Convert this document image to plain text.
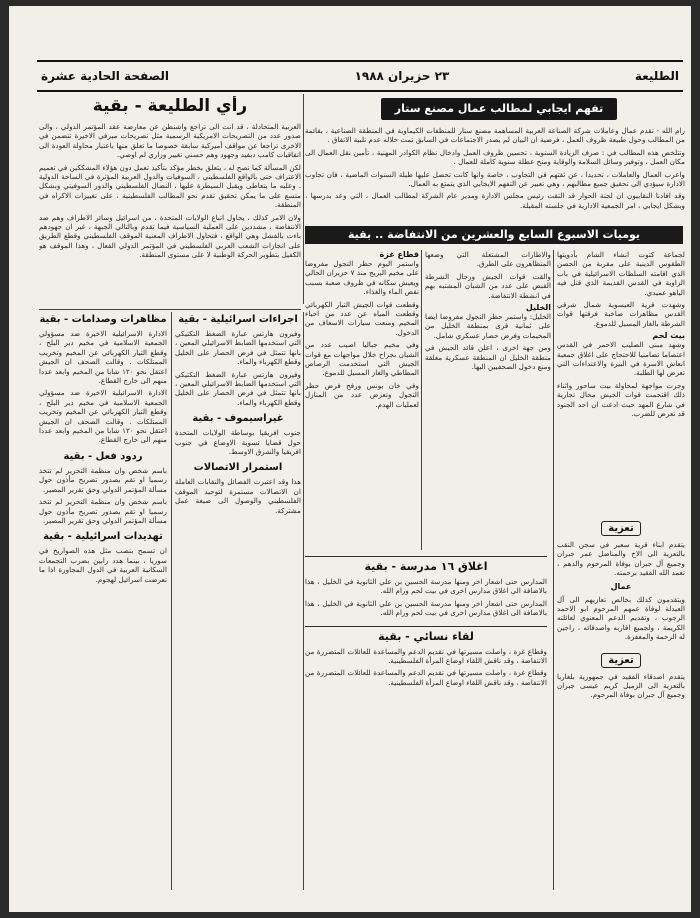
الطليعة
٢٣ حزيران ١٩٨٨
الصفحة الحادية عشرة
رأي الطليعة - بقية

العربية المتحادلة ، قد انت الى تراجع واشنطن عن معارضة عقد المؤتمر الدولي ، والى صدور عدد من التصريحات الامريكية الرسمية مثل تصريحات ميرفي الاخيرة تتضمن في الاخرى تراجعا عن مواقف أميركية سابقة خصوصا ما تعلق منها باعتبار محاولة العودة الى اتفاقيات كامب ديفيد وجهود وهم حسني تغيير وزاري لم اوصي.

لكن المسألة كما نصح له ، يتعلق بخطر مؤكد بتأكيد تعمل دون هؤلاء المشككين في تعميم الاعتراف حتى بالواقع الفلسطيني ، السوفيات والدول العربية المؤثرة في الساحة الدولية . وعليه ما يتعاطى ويقبل السيطرة عليها ، النضال الفلسطيني والدور السوفيتي وبشكل متسع على ما يمكن تحقيق تقدم نحو المطالب الفلسطينية ، على تغييرات الاكراه في المنطقة.

ولان الامر كذلك ، يحاول اتباع الولايات المتحدة ، من اسرائيل وسائر الاطراف وهم ضد الانتفاضة ، مشددين على العملية السياسية فيما تقدم وبالتالي الجبهة ، غير ان جهودهم باءت بالفشل وهي الواقع ، فتحاول الاطراف المعنية الموقف الفلسطيني وقطع الطريق على انجازات الشعب العربي الفلسطيني في المؤتمر الدولي الفعال ، وهذا الموقف هو الكفيل بتطوير الحركة الوطنية لا على مستوى المنطقة.

تفهم ايجابي لمطالب عمال مصنع ستار

رام الله - تقدم عمال وعاملات شركة الصناعة العربية المساهمة مصنع ستار للمنظفات الكيماوية في المنطقة الصناعية ، بقائمة من المطالب وحول طبيعة ظروف العمل ، فرضية ان البيان لم يصدر الاجتماعات في السابق تمت خلاله عدم تلبية الاتفاق .

وتتلخص هذه المطالب في : صرف الزيادة السنوية ، تحسين ظروف العمل وادخال نظام الكوادر المهنية ، تأمين نقل العمال الى مكان العمل ، وتوفير وسائل السلامة والوقاية ومنح عطلة سنوية كاملة للعمال .

واعرب العمال والعاملات ، تحديدا ، عن ثقتهم في التجاوب ، خاصة وانها كانت تحصل عليها طيلة السنوات الماضية ، فان تجاوب الادارة سيؤدي الى تحقيق جميع مطالبهم ، وهي تعبير عن التفهم الايجابي الذي يتمتع به العمال.

وقد افادنا النقابيون ان لجنة الحوار قد التقت رئيس مجلس الادارة ومدير عام الشركة لمطالب العمال ، التي وعد بدرسها ، وبشكل ايجابي ، امر الجمعية الادارية في جلسته المقبلة.

يوميات الاسبوع السابع والعشرين من الانتفاضة .. بقية

لجماعة كتوت انشاء الشام بأدويتها الطقوس الدينية على مقربة من الحصن الذي اقامته السلطات الاسرائيلية في باب الزاوية في القدس القديمة الذي قتل فيه الياهو عميدي.

وشهدت قرية العيسوية شمال شرقي القدس مظاهرات صاخبة فرقتها قوات الشرطة بالغاز المسيل للدموع.

بيت لحم

وشهد مبنى الصليب الاحمر في القدس اعتصاما تضامنيا للاحتجاج على اغلاق جمعية انعاش الاسرة في البيرة والاعتداءات التي تعرض لها الطلبة.

وجرت مواجهة لمحاولة بيت ساحور واثناء ذلك اقتحمت قوات الجيش محال تجارية في شارع المهد حيث ادعت ان احد الجنود قد تعرض للضرب.

والاطارات المشتعلة التي وضعها المتظاهرون على الطرق.

والقت قوات الجيش ورجال الشرطة القبض على عدد من الشبان المشتبه بهم في انشطة الانتفاضة.

الخليل

الخليل: واستمر حظر التجول مفروضا ايضا على ثمانية قرى بمنطقة الخليل من المخيمات وفرض حصار عسكري شامل.

ومن جهة اخرى ، اعلن قائد الجيش في منطقة الخليل ان المنطقة عسكرية مغلقة ومنع دخول الصحفيين اليها.

قطاع غزة

واستمر اليوم حظر التجول مفروضا على مخيم البريج منذ ٧ حزيران الحالي ويعيش سكانه في ظروف صعبة بسبب نقص الماء والغذاء.

وقطعت قوات الجيش التيار الكهربائي وقطعت المياه عن عدد من احياء المخيم ومنعت سيارات الاسعاف من الدخول.

وفي مخيم جباليا اصيب عدد من الشبان بجراح خلال مواجهات مع قوات الجيش التي استخدمت الرصاص المطاطي والغاز المسيل للدموع.

وفي خان يونس ورفح فرض حظر التجول وتعرض عدد من المنازل لعمليات الهدم.

تعزية

يتقدم ابناء قرية سعير في سجن النقب بالتعزية الى الاخ والمناضل عمر جبران وجميع آل جبران بوفاة المرحوم والدهم ، تغمد الله الفقيد برحمته.

عمال

ويتقدمون كذلك بخالص تعازيهم الى آل العيدلة لوفاة عمهم المرحوم ابو الاحمد الرجوب ، وتقديم الدعم المعنوي لعائلته الكريمة ، ولجميع اقاربه واصدقائه ، راجين له الرحمة والمغفرة.

تعزية

يتقدم اصدقاء الفقيد في جمهورية بلغاريا بالتعزية الى الزميل كريم عيسى جبران وجميع آل جبران بوفاة المرحوم.

مظاهرات وصدامات - بقية

الادارة الاسرائيلية الاخيرة ضد مسؤولي الجمعية الاسلامية في مخيم دير البلح ، وقطع التيار الكهربائي عن المخيم وتخريب الممتلكات . وقالت الصحف ان الجيش اعتقل نحو ١٢٠ شابا من المخيم وابعد عددا منهم الى خارج القطاع.

الادارة الاسرائيلية الاخيرة ضد مسؤولي الجمعية الاسلامية في مخيم دير البلح ، وقطع التيار الكهربائي عن المخيم وتخريب الممتلكات . وقالت الصحف ان الجيش اعتقل نحو ١٢٠ شابا من المخيم وابعد عددا منهم الى خارج القطاع.

ردود فعل - بقية

باسم شخص وان منظمة التحرير لم تتخذ رسميا او تقم بصدور تصريح مأذون حول مسألة المؤتمر الدولي وحق تقرير المصير.

باسم شخص وان منظمة التحرير لم تتخذ رسميا او تقم بصدور تصريح مأذون حول مسألة المؤتمر الدولي وحق تقرير المصير.

تهديدات اسرائيلية - بقية

ان تسمح بنصب مثل هذه الصواريخ في سوريا ، بينما هدد رابين بضرب التجمعات السكانية العربية في الدول المجاورة اذا ما تعرضت اسرائيل لهجوم.

اجراءات اسرائيلية - بقية

وفيرون هارتس عبارة الضغط التكتيكي التي استخدمها الضابط الاسرائيلي المعين ، بانها تتمثل في فرض الحصار على الخليل وقطع الكهرباء والماء.

وفيرون هارتس عبارة الضغط التكتيكي التي استخدمها الضابط الاسرائيلي المعين ، بانها تتمثل في فرض الحصار على الخليل وقطع الكهرباء والماء.

غيراسيموف - بقية

جنوب افريقيا بوساطة الولايات المتحدة حول قضايا تسوية الاوضاع في جنوب افريقيا والشرق الاوسط.

استمرار الاتصالات

هذا وقد اعتبرت الفصائل والنقابات العاملة ان الاتصالات مستمرة لتوحيد الموقف الفلسطيني والوصول الى صيغة عمل مشتركة.

اغلاق ١٦ مدرسة - بقية

المدارس حتى اشعار اخر ومنها مدرسة الحسين بن علي الثانوية في الخليل ، هذا بالاضافة الى اغلاق مدارس اخرى في بيت لحم ورام الله.

المدارس حتى اشعار اخر ومنها مدرسة الحسين بن علي الثانوية في الخليل ، هذا بالاضافة الى اغلاق مدارس اخرى في بيت لحم ورام الله.

لقاء نسائي - بقية

وقطاع غزة ، واصلت مسيرتها في تقديم الدعم والمساعدة للعائلات المتضررة من الانتفاضة ، وقد ناقش اللقاء اوضاع المرأة الفلسطينية.

وقطاع غزة ، واصلت مسيرتها في تقديم الدعم والمساعدة للعائلات المتضررة من الانتفاضة ، وقد ناقش اللقاء اوضاع المرأة الفلسطينية.
